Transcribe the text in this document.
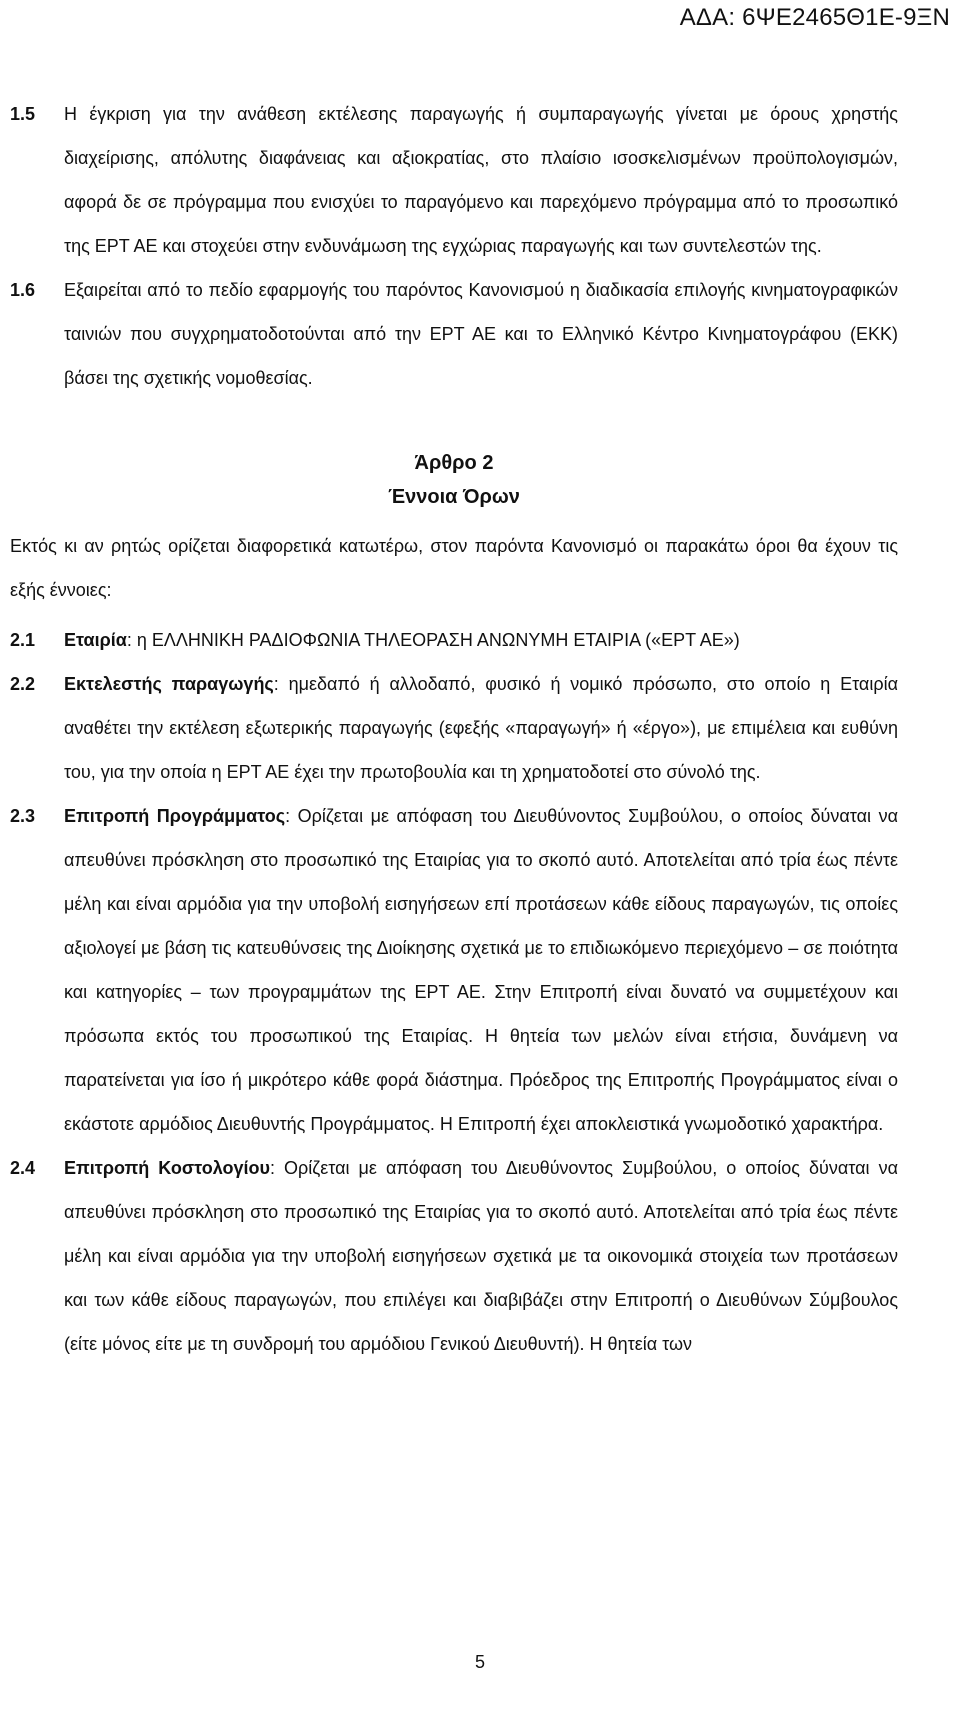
ΑΔΑ: 6ΨΕ2465Θ1Ε-9ΞΝ
1.5 Η έγκριση για την ανάθεση εκτέλεσης παραγωγής ή συμπαραγωγής γίνεται με όρους χρηστής διαχείρισης, απόλυτης διαφάνειας και αξιοκρατίας, στο πλαίσιο ισοσκελισμένων προϋπολογισμών, αφορά δε σε πρόγραμμα που ενισχύει το παραγόμενο και παρεχόμενο πρόγραμμα από το προσωπικό της ΕΡΤ ΑΕ και στοχεύει στην ενδυνάμωση της εγχώριας παραγωγής και των συντελεστών της.
1.6 Εξαιρείται από το πεδίο εφαρμογής του παρόντος Κανονισμού η διαδικασία επιλογής κινηματογραφικών ταινιών που συγχρηματοδοτούνται από την ΕΡΤ ΑΕ και το Ελληνικό Κέντρο Κινηματογράφου (ΕΚΚ) βάσει της σχετικής νομοθεσίας.
Άρθρο 2
Έννοια Όρων
Εκτός κι αν ρητώς ορίζεται διαφορετικά κατωτέρω, στον παρόντα Κανονισμό οι παρακάτω όροι θα έχουν τις εξής έννοιες:
2.1 Εταιρία: η ΕΛΛΗΝΙΚΗ ΡΑΔΙΟΦΩΝΙΑ ΤΗΛΕΟΡΑΣΗ ΑΝΩΝΥΜΗ ΕΤΑΙΡΙΑ («ΕΡΤ ΑΕ»)
2.2 Εκτελεστής παραγωγής: ημεδαπό ή αλλοδαπό, φυσικό ή νομικό πρόσωπο, στο οποίο η Εταιρία αναθέτει την εκτέλεση εξωτερικής παραγωγής (εφεξής «παραγωγή» ή «έργο»), με επιμέλεια και ευθύνη του, για την οποία η ΕΡΤ ΑΕ έχει την πρωτοβουλία και τη χρηματοδοτεί στο σύνολό της.
2.3 Επιτροπή Προγράμματος: Ορίζεται με απόφαση του Διευθύνοντος Συμβούλου, ο οποίος δύναται να απευθύνει πρόσκληση στο προσωπικό της Εταιρίας για το σκοπό αυτό. Αποτελείται από τρία έως πέντε μέλη και είναι αρμόδια για την υποβολή εισηγήσεων επί προτάσεων κάθε είδους παραγωγών, τις οποίες αξιολογεί με βάση τις κατευθύνσεις της Διοίκησης σχετικά με το επιδιωκόμενο περιεχόμενο – σε ποιότητα και κατηγορίες – των προγραμμάτων της ΕΡΤ ΑΕ. Στην Επιτροπή είναι δυνατό να συμμετέχουν και πρόσωπα εκτός του προσωπικού της Εταιρίας. Η θητεία των μελών είναι ετήσια, δυνάμενη να παρατείνεται για ίσο ή μικρότερο κάθε φορά διάστημα. Πρόεδρος της Επιτροπής Προγράμματος είναι ο εκάστοτε αρμόδιος Διευθυντής Προγράμματος. Η Επιτροπή έχει αποκλειστικά γνωμοδοτικό χαρακτήρα.
2.4 Επιτροπή Κοστολογίου: Ορίζεται με απόφαση του Διευθύνοντος Συμβούλου, ο οποίος δύναται να απευθύνει πρόσκληση στο προσωπικό της Εταιρίας για το σκοπό αυτό. Αποτελείται από τρία έως πέντε μέλη και είναι αρμόδια για την υποβολή εισηγήσεων σχετικά με τα οικονομικά στοιχεία των προτάσεων και των κάθε είδους παραγωγών, που επιλέγει και διαβιβάζει στην Επιτροπή ο Διευθύνων Σύμβουλος (είτε μόνος είτε με τη συνδρομή του αρμόδιου Γενικού Διευθυντή). Η θητεία των
5
